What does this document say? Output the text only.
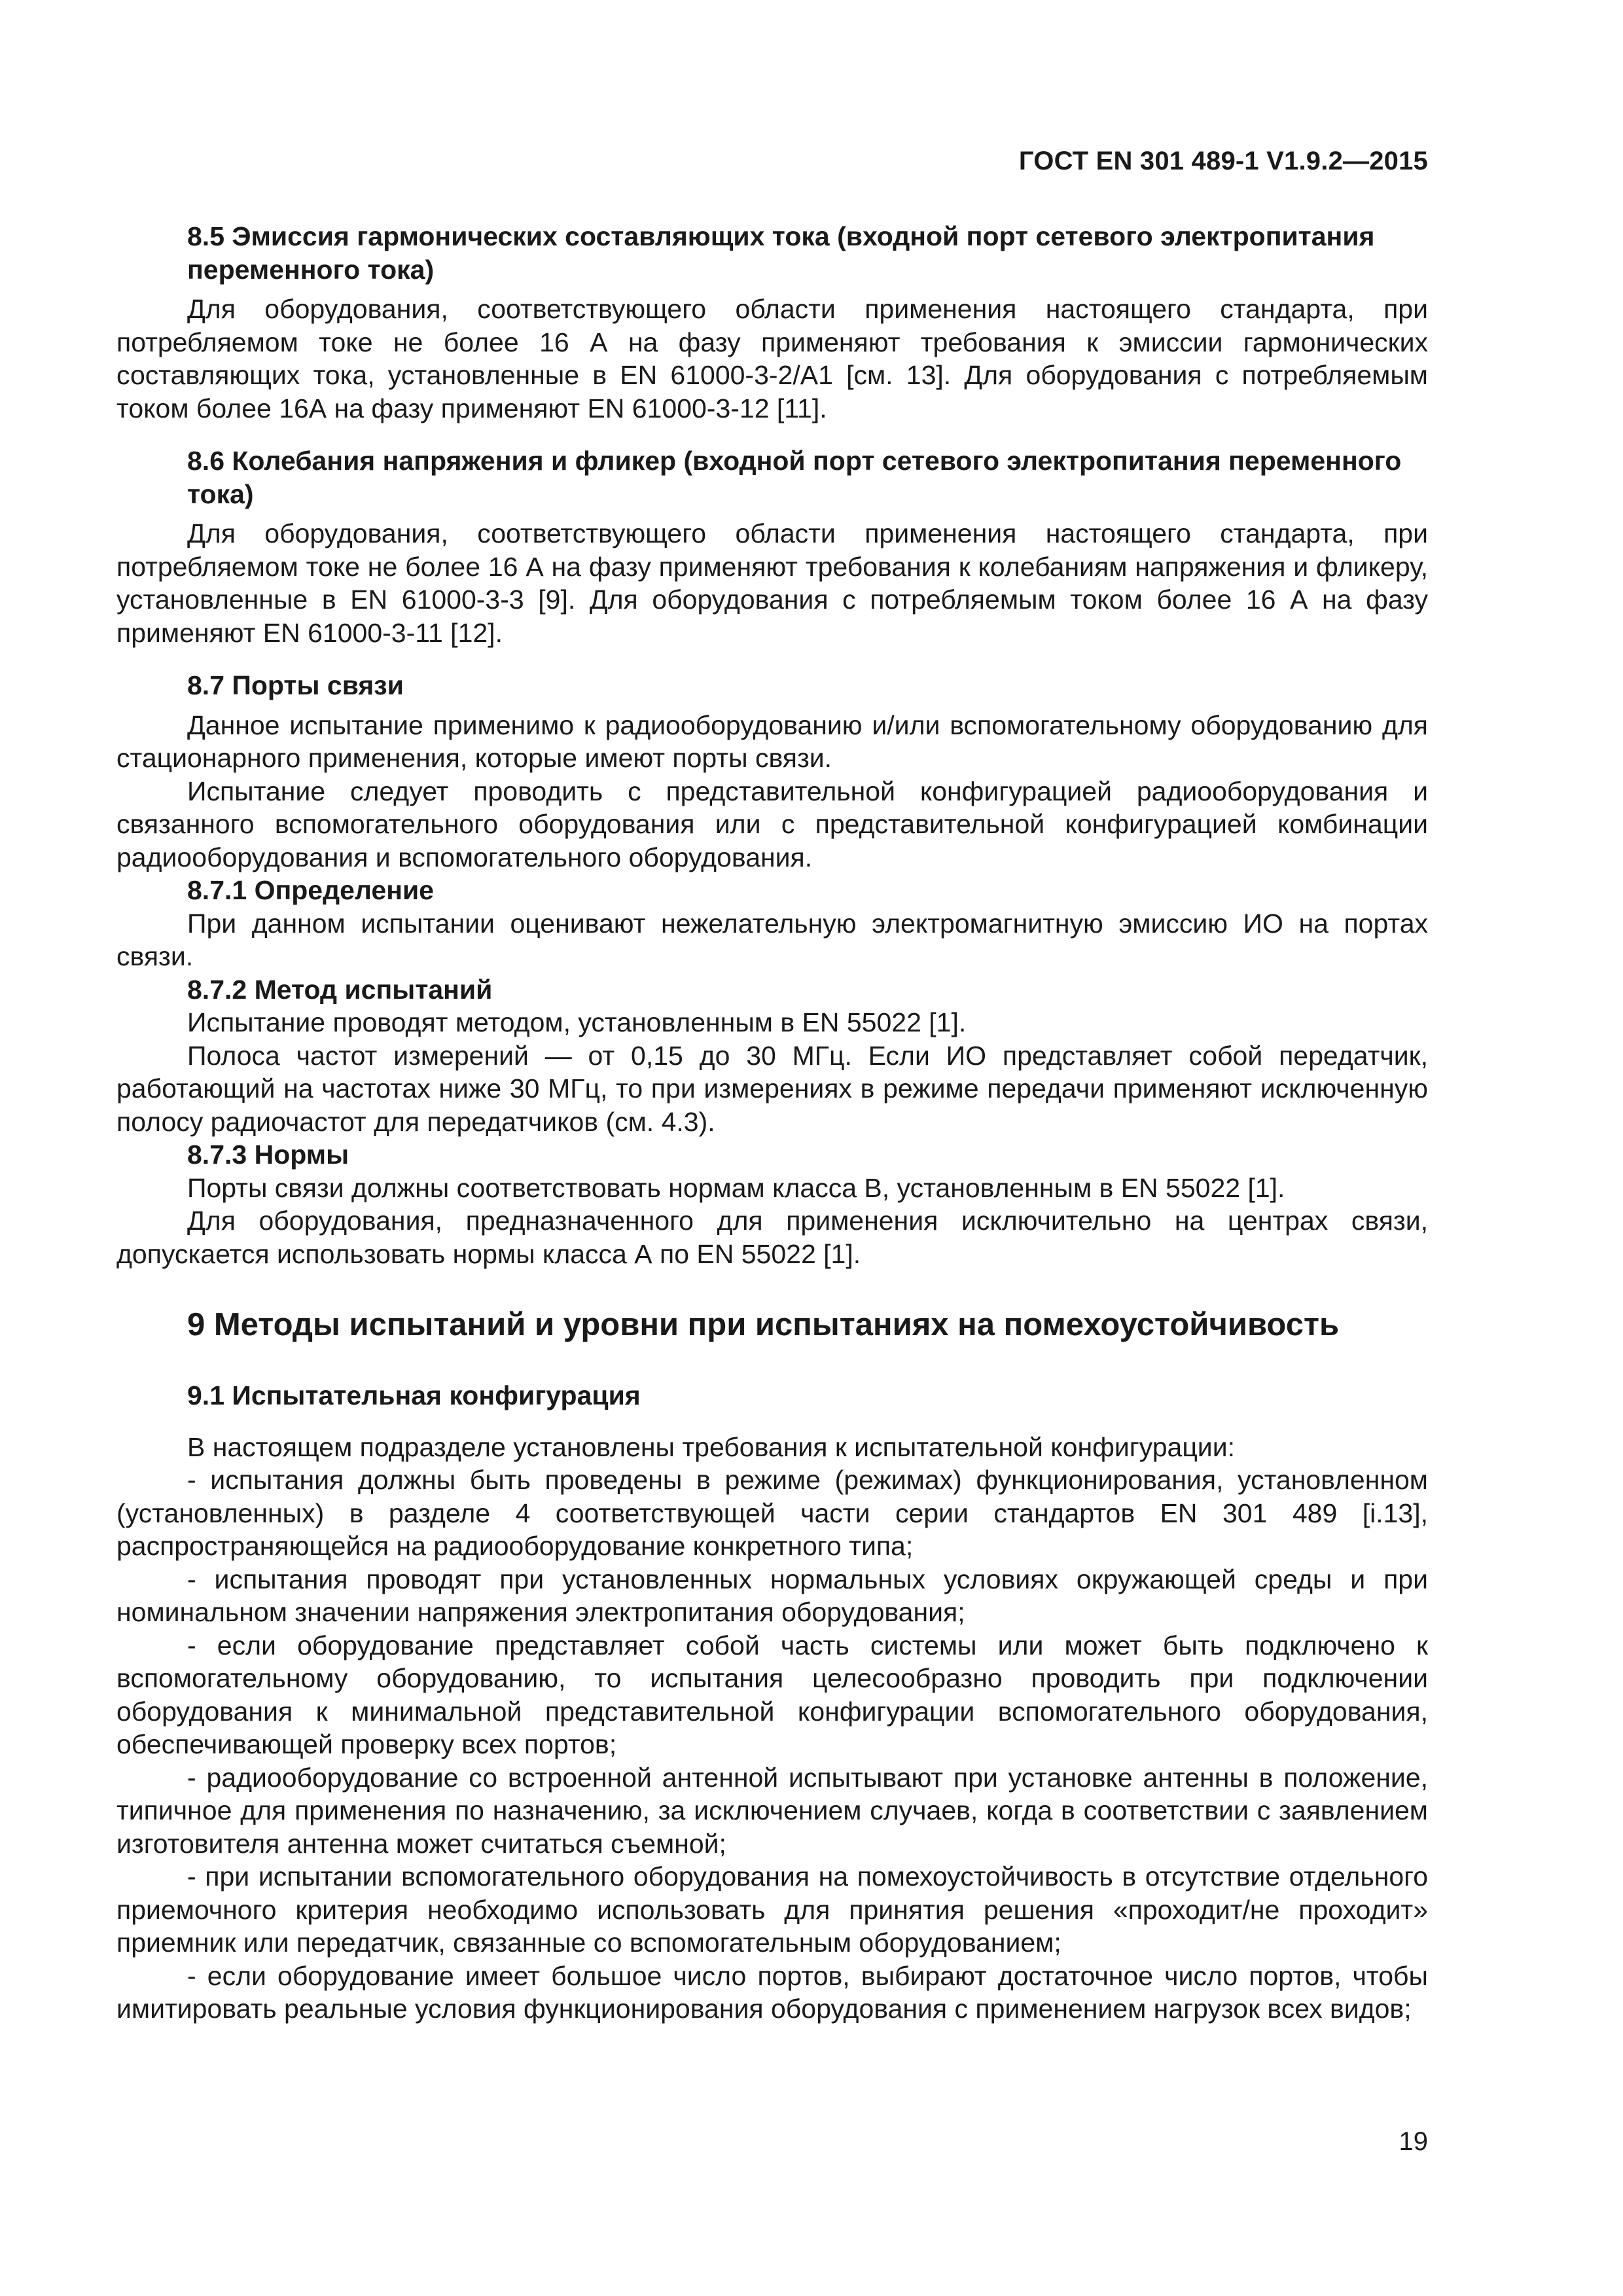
ГОСТ EN 301 489-1 V1.9.2—2015

8.5 Эмиссия гармонических составляющих тока (входной порт сетевого электропитания переменного тока)

Для оборудования, соответствующего области применения настоящего стандарта, при потребляемом токе не более 16 А на фазу применяют требования к эмиссии гармонических составляющих тока, установленные в EN 61000-3-2/A1 [см. 13]. Для оборудования с потребляемым током более 16А на фазу применяют EN 61000-3-12 [11].

8.6 Колебания напряжения и фликер (входной порт сетевого электропитания переменного тока)

Для оборудования, соответствующего области применения настоящего стандарта, при потребляемом токе не более 16 А на фазу применяют требования к колебаниям напряжения и фликеру, установленные в EN 61000-3-3 [9]. Для оборудования с потребляемым током более 16 А на фазу применяют EN 61000-3-11 [12].

8.7 Порты связи

Данное испытание применимо к радиооборудованию и/или вспомогательному оборудованию для стационарного применения, которые имеют порты связи.

Испытание следует проводить с представительной конфигурацией радиооборудования и связанного вспомогательного оборудования или с представительной конфигурацией комбинации радиооборудования и вспомогательного оборудования.

8.7.1 Определение

При данном испытании оценивают нежелательную электромагнитную эмиссию ИО на портах связи.

8.7.2 Метод испытаний

Испытание проводят методом, установленным в EN 55022 [1].

Полоса частот измерений — от 0,15 до 30 МГц. Если ИО представляет собой передатчик, работающий на частотах ниже 30 МГц, то при измерениях в режиме передачи применяют исключенную полосу радиочастот для передатчиков (см. 4.3).

8.7.3 Нормы

Порты связи должны соответствовать нормам класса В, установленным в EN 55022 [1].

Для оборудования, предназначенного для применения исключительно на центрах связи, допускается использовать нормы класса А по EN 55022 [1].

9 Методы испытаний и уровни при испытаниях на помехоустойчивость

9.1 Испытательная конфигурация

В настоящем подразделе установлены требования к испытательной конфигурации:

- испытания должны быть проведены в режиме (режимах) функционирования, установленном (установленных) в разделе 4 соответствующей части серии стандартов EN 301 489 [i.13], распространяющейся на радиооборудование конкретного типа;

- испытания проводят при установленных нормальных условиях окружающей среды и при номинальном значении напряжения электропитания оборудования;

- если оборудование представляет собой часть системы или может быть подключено к вспомогательному оборудованию, то испытания целесообразно проводить при подключении оборудования к минимальной представительной конфигурации вспомогательного оборудования, обеспечивающей проверку всех портов;

- радиооборудование со встроенной антенной испытывают при установке антенны в положение, типичное для применения по назначению, за исключением случаев, когда в соответствии с заявлением изготовителя антенна может считаться съемной;

- при испытании вспомогательного оборудования на помехоустойчивость в отсутствие отдельного приемочного критерия необходимо использовать для принятия решения «проходит/не проходит» приемник или передатчик, связанные со вспомогательным оборудованием;

- если оборудование имеет большое число портов, выбирают достаточное число портов, чтобы имитировать реальные условия функционирования оборудования с применением нагрузок всех видов;

19
